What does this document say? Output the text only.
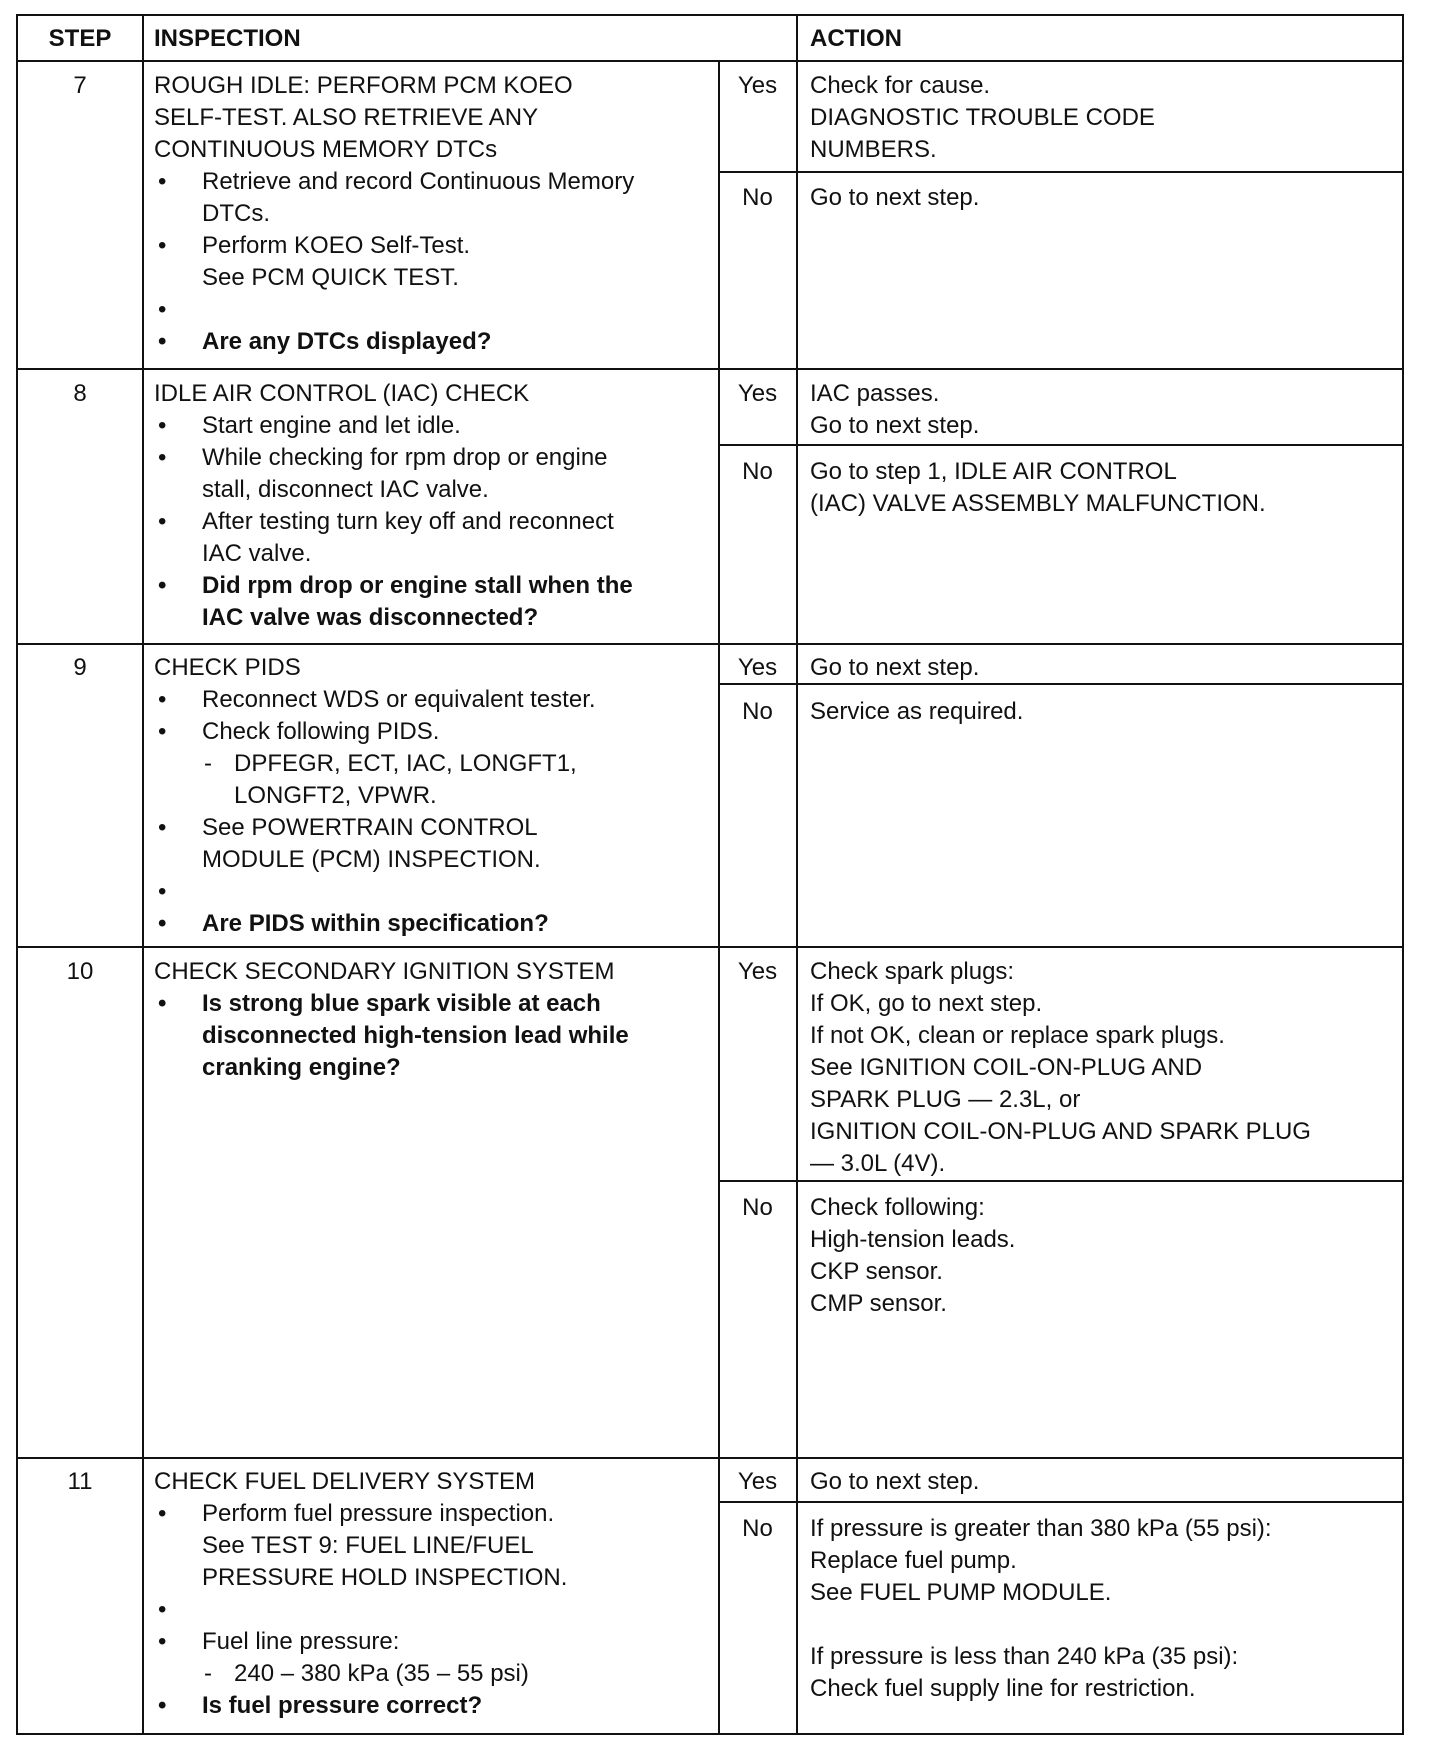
STEP	INSPECTION	ACTION
7	ROUGH IDLE: PERFORM PCM KOEO
SELF-TEST. ALSO RETRIEVE ANY
CONTINUOUS MEMORY DTCs
• Retrieve and record Continuous Memory
DTCs.
• Perform KOEO Self-Test.
See PCM QUICK TEST.
•
• Are any DTCs displayed?
Yes	Check for cause.
DIAGNOSTIC TROUBLE CODE
NUMBERS.
No	Go to next step.
8	IDLE AIR CONTROL (IAC) CHECK
• Start engine and let idle.
• While checking for rpm drop or engine
stall, disconnect IAC valve.
• After testing turn key off and reconnect
IAC valve.
• Did rpm drop or engine stall when the
IAC valve was disconnected?
Yes	IAC passes.
Go to next step.
No	Go to step 1, IDLE AIR CONTROL
(IAC) VALVE ASSEMBLY MALFUNCTION.
9	CHECK PIDS
• Reconnect WDS or equivalent tester.
• Check following PIDS.
- DPFEGR, ECT, IAC, LONGFT1,
LONGFT2, VPWR.
• See POWERTRAIN CONTROL
MODULE (PCM) INSPECTION.
•
• Are PIDS within specification?
Yes	Go to next step.
No	Service as required.
10	CHECK SECONDARY IGNITION SYSTEM
• Is strong blue spark visible at each
disconnected high-tension lead while
cranking engine?
Yes	Check spark plugs:
If OK, go to next step.
If not OK, clean or replace spark plugs.
See IGNITION COIL-ON-PLUG AND
SPARK PLUG — 2.3L, or
IGNITION COIL-ON-PLUG AND SPARK PLUG
— 3.0L (4V).
No	Check following:
High-tension leads.
CKP sensor.
CMP sensor.
11	CHECK FUEL DELIVERY SYSTEM
• Perform fuel pressure inspection.
See TEST 9: FUEL LINE/FUEL
PRESSURE HOLD INSPECTION.
•
• Fuel line pressure:
- 240 – 380 kPa (35 – 55 psi)
• Is fuel pressure correct?
Yes	Go to next step.
No	If pressure is greater than 380 kPa (55 psi):
Replace fuel pump.
See FUEL PUMP MODULE.
If pressure is less than 240 kPa (35 psi):
Check fuel supply line for restriction.
